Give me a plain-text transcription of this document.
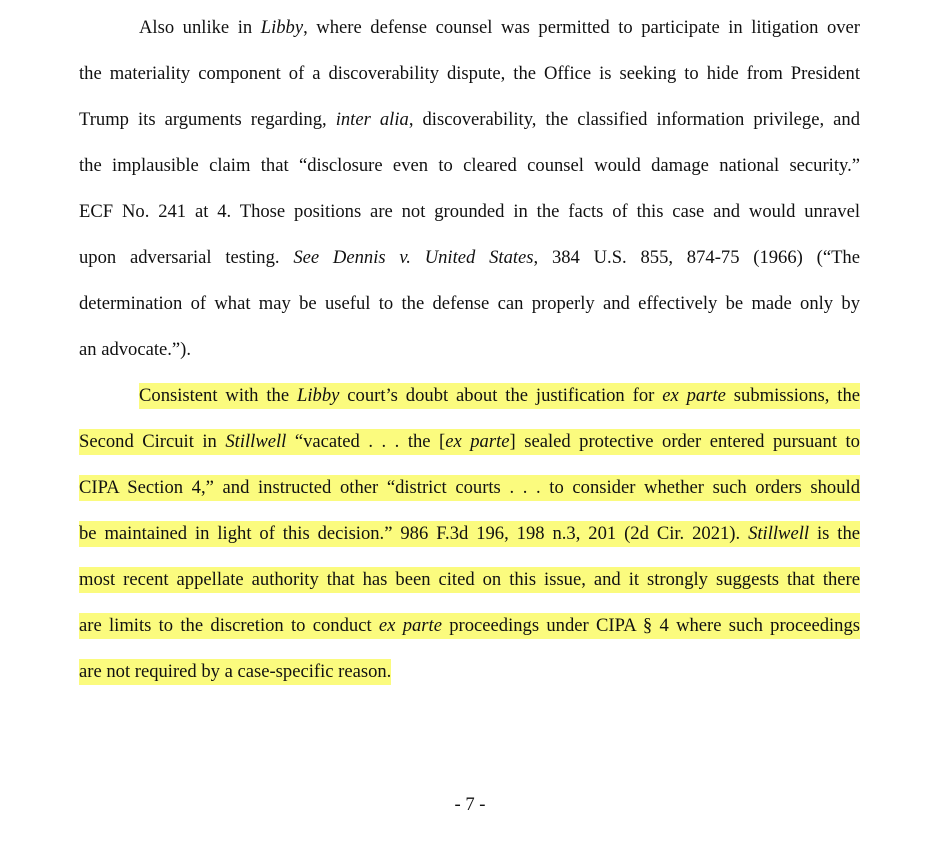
Also unlike in Libby, where defense counsel was permitted to participate in litigation over
the materiality component of a discoverability dispute, the Office is seeking to hide from President
Trump its arguments regarding, inter alia, discoverability, the classified information privilege, and
the implausible claim that “disclosure even to cleared counsel would damage national security.”
ECF No. 241 at 4. Those positions are not grounded in the facts of this case and would unravel
upon adversarial testing. See Dennis v. United States, 384 U.S. 855, 874-75 (1966) (“The
determination of what may be useful to the defense can properly and effectively be made only by
an advocate.”).
Consistent with the Libby court’s doubt about the justification for ex parte submissions, the
Second Circuit in Stillwell “vacated . . . the [ex parte] sealed protective order entered pursuant to
CIPA Section 4,” and instructed other “district courts . . . to consider whether such orders should
be maintained in light of this decision.” 986 F.3d 196, 198 n.3, 201 (2d Cir. 2021). Stillwell is the
most recent appellate authority that has been cited on this issue, and it strongly suggests that there
are limits to the discretion to conduct ex parte proceedings under CIPA § 4 where such proceedings
are not required by a case-specific reason.
- 7 -
